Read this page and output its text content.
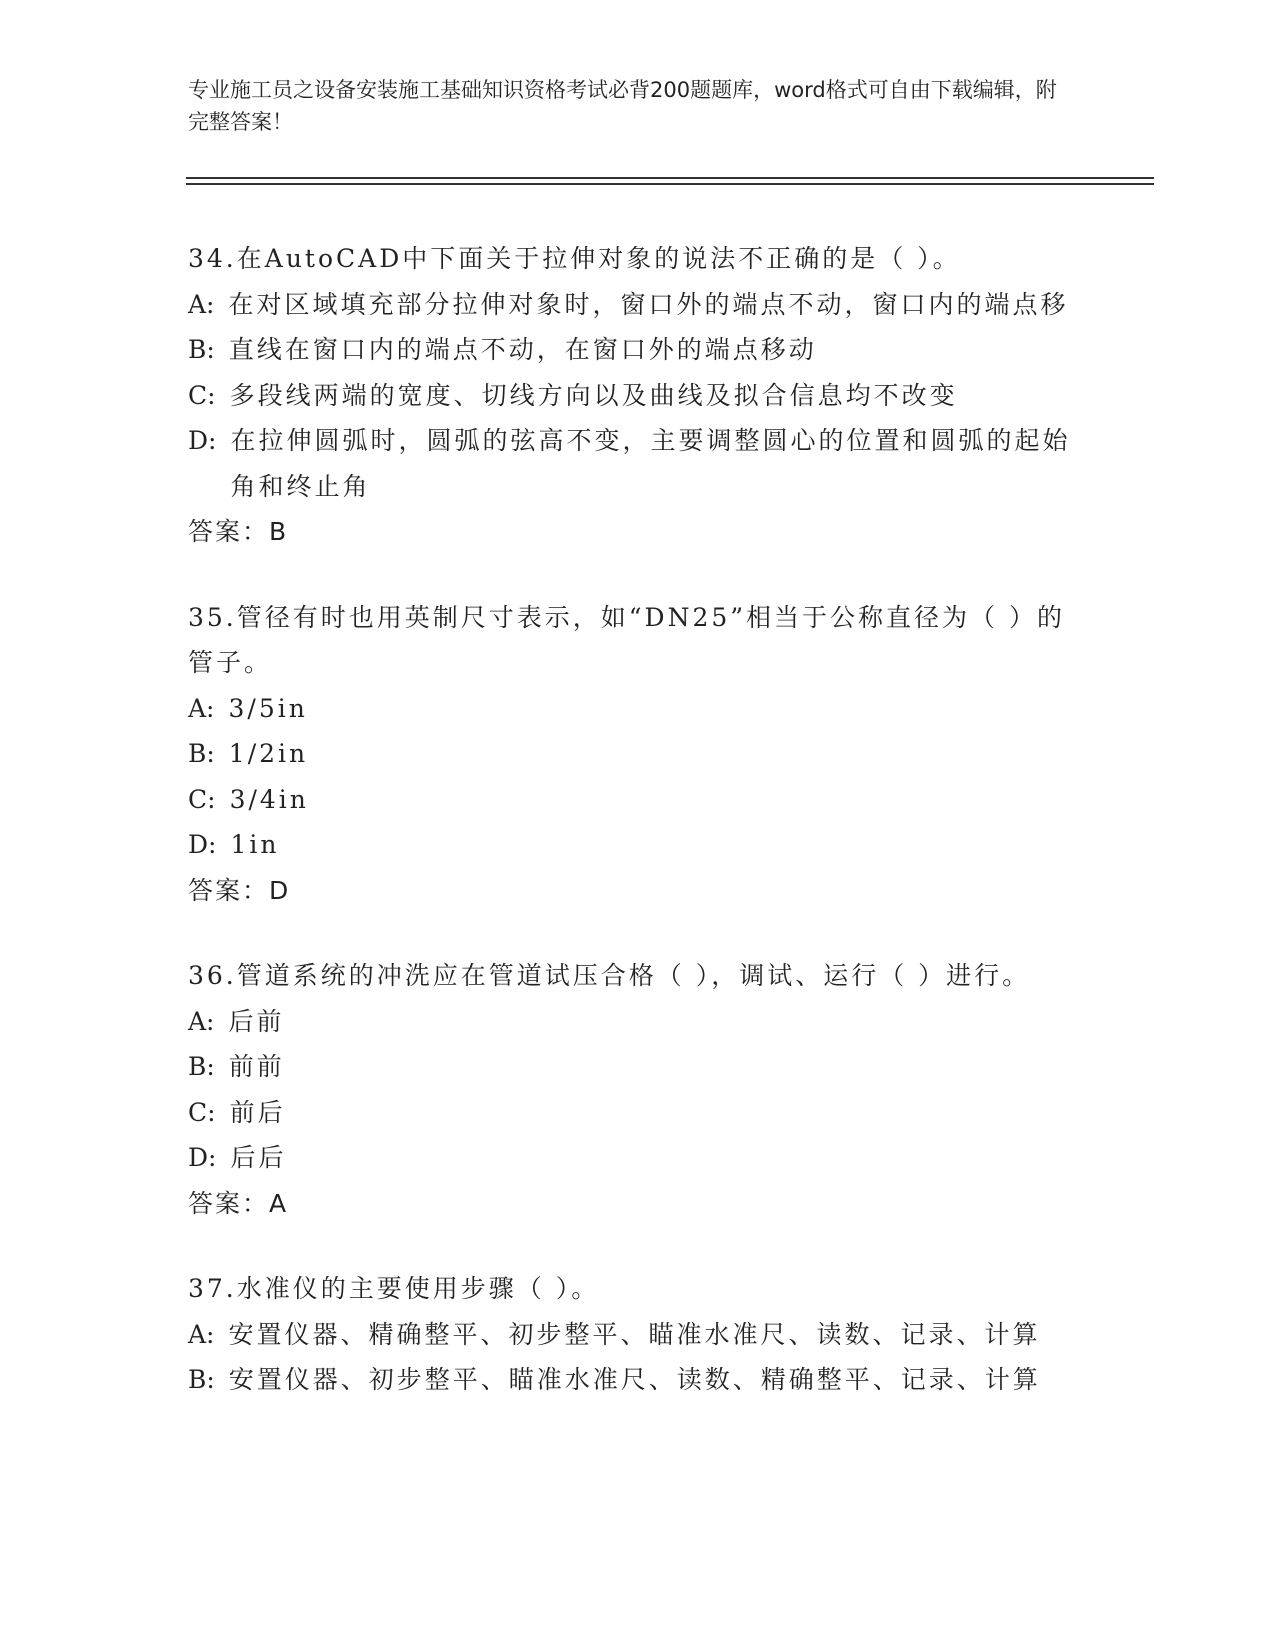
专业施工员之设备安装施工基础知识资格考试必背200题题库，word格式可自由下载编辑，附完整答案！

34.在AutoCAD中下面关于拉伸对象的说法不正确的是（ ）。

A: 在对区域填充部分拉伸对象时，窗口外的端点不动，窗口内的端点移
B: 直线在窗口内的端点不动，在窗口外的端点移动
C: 多段线两端的宽度、切线方向以及曲线及拟合信息均不改变
D: 在拉伸圆弧时，圆弧的弦高不变，主要调整圆心的位置和圆弧的起始角和终止角

答案：B

35.管径有时也用英制尺寸表示，如“DN25”相当于公称直径为（ ）的管子。

A: 3/5in
B: 1/2in
C: 3/4in
D: 1in

答案：D

36.管道系统的冲洗应在管道试压合格（ ），调试、运行（ ）进行。

A: 后前
B: 前前
C: 前后
D: 后后

答案：A

37.水准仪的主要使用步骤（ ）。

A: 安置仪器、精确整平、初步整平、瞄准水准尺、读数、记录、计算
B: 安置仪器、初步整平、瞄准水准尺、读数、精确整平、记录、计算
